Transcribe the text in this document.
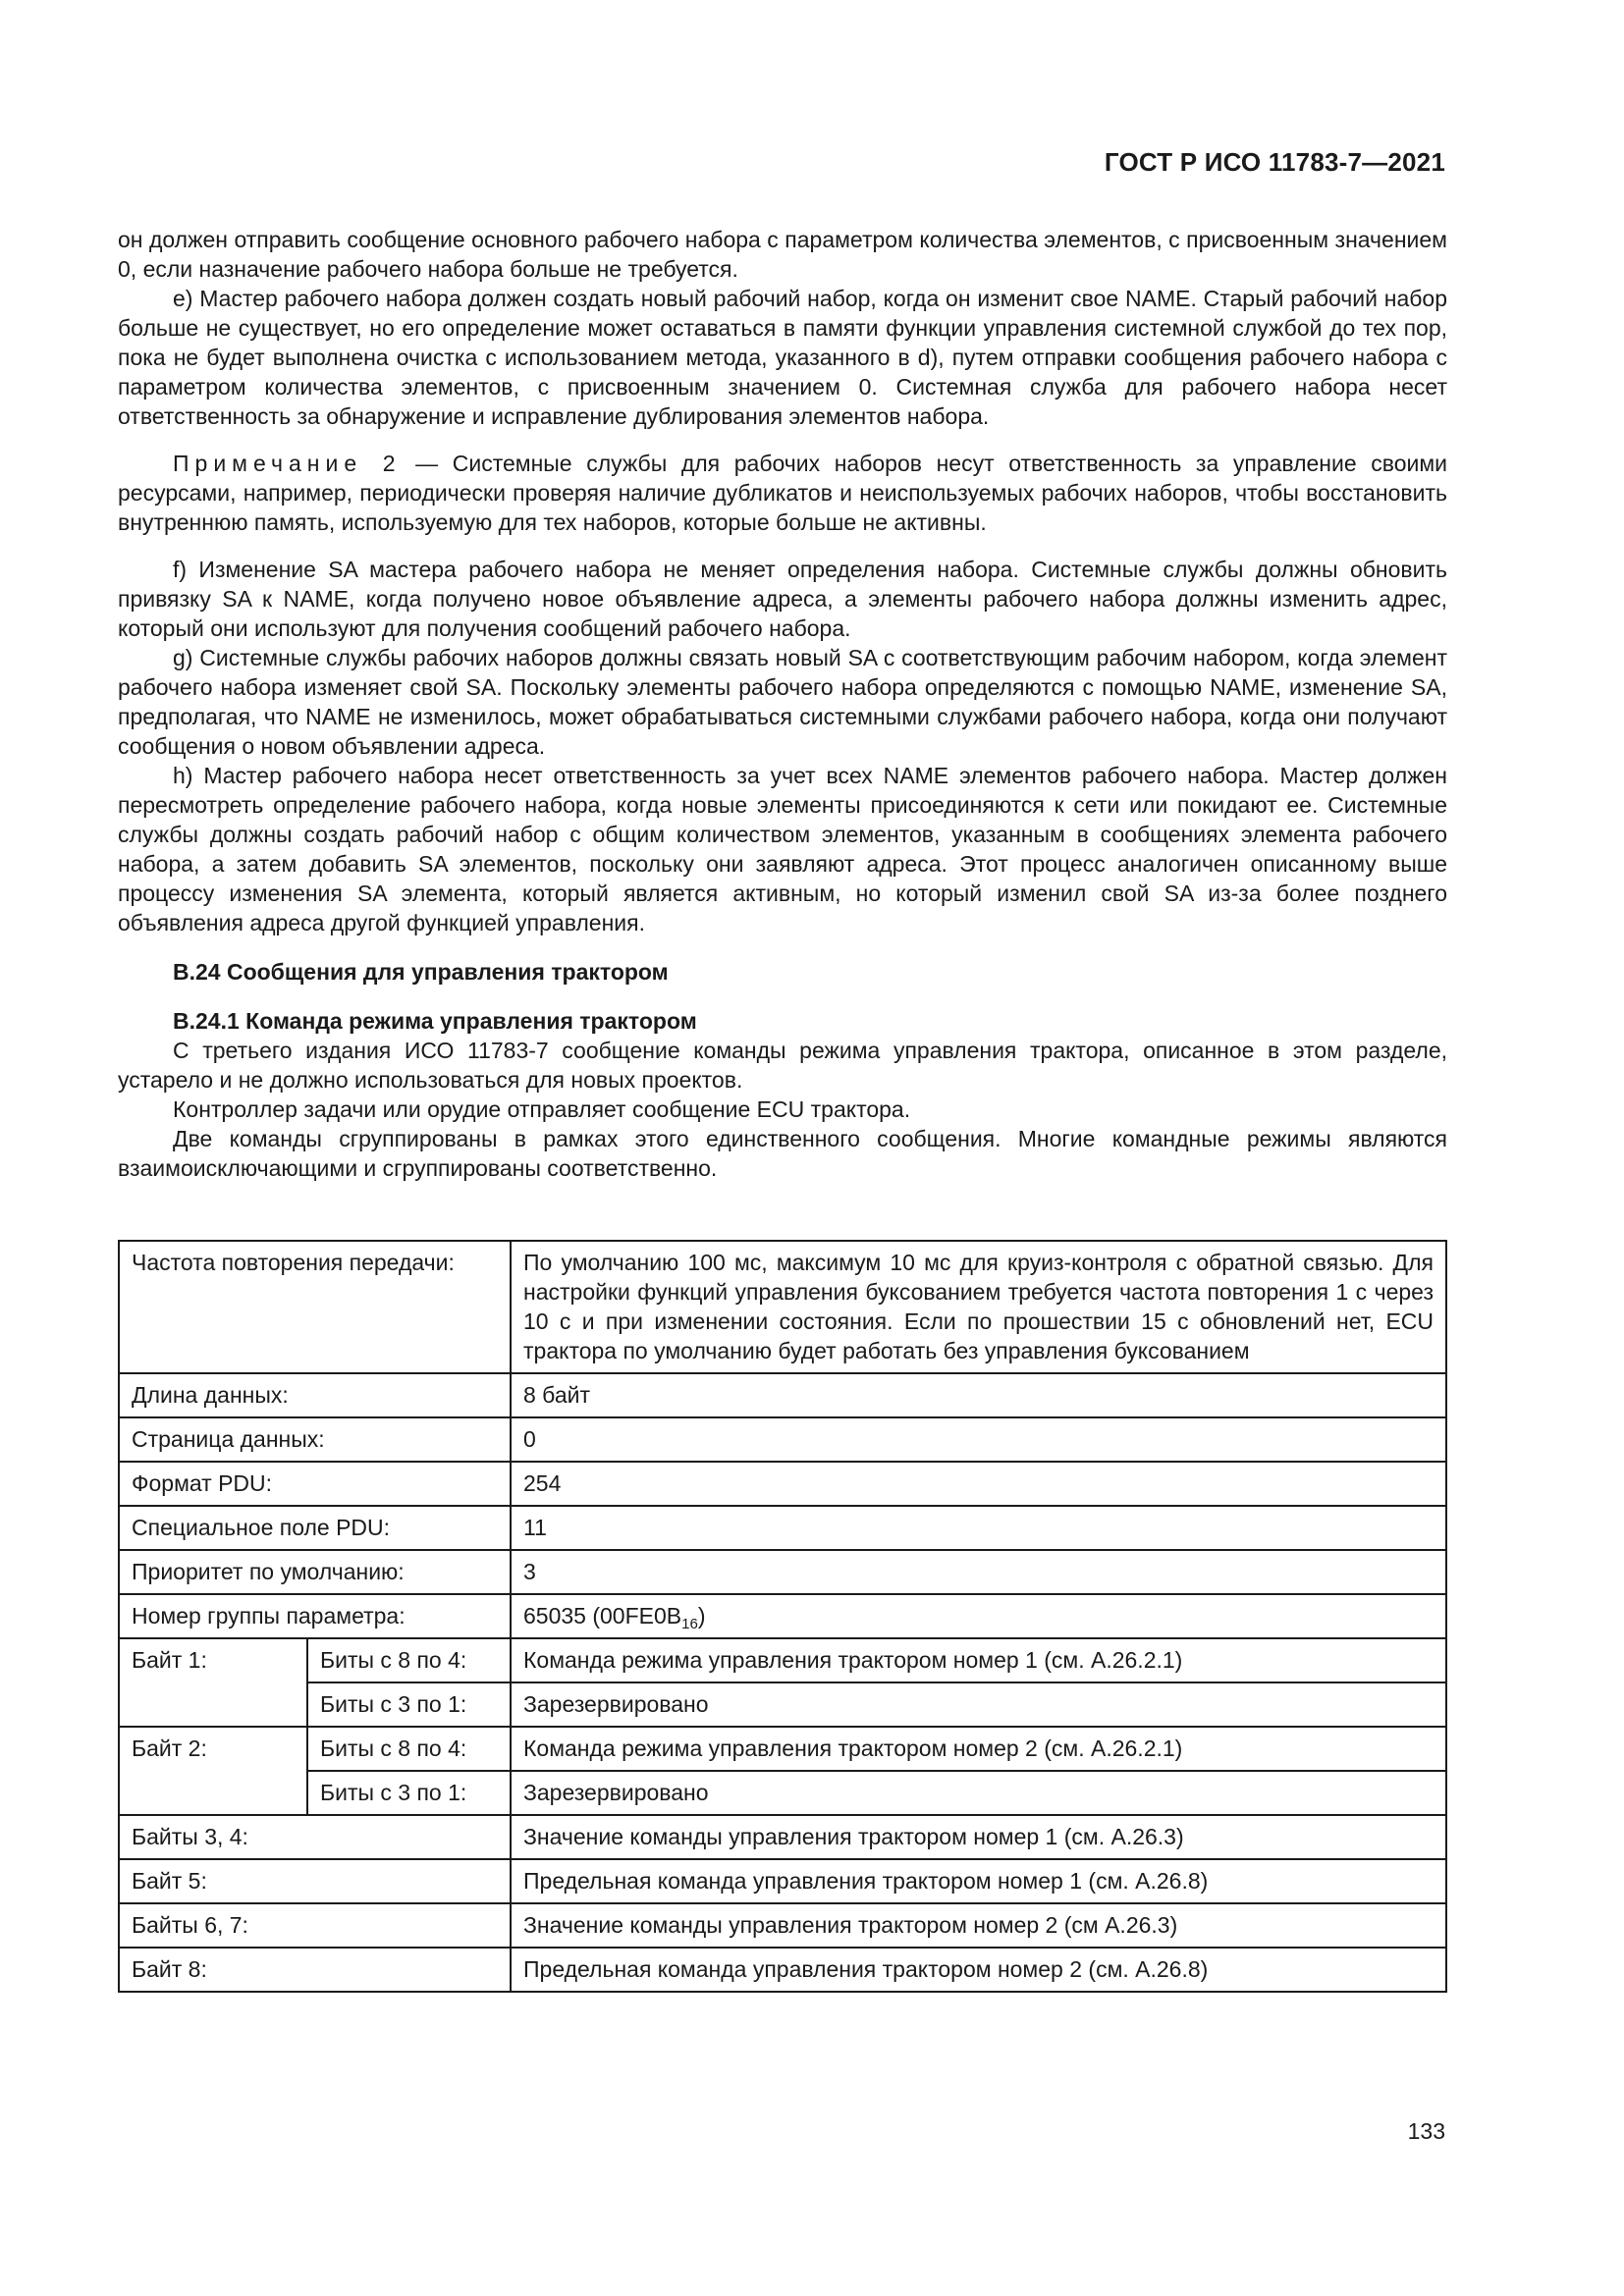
ГОСТ Р ИСО 11783-7—2021

он должен отправить сообщение основного рабочего набора с параметром количества элементов, с присвоенным значением 0, если назначение рабочего набора больше не требуется.

e) Мастер рабочего набора должен создать новый рабочий набор, когда он изменит свое NAME. Старый рабочий набор больше не существует, но его определение может оставаться в памяти функции управления системной службой до тех пор, пока не будет выполнена очистка с использованием метода, указанного в d), путем отправки сообщения рабочего набора с параметром количества элементов, с присвоенным значением 0. Системная служба для рабочего набора несет ответственность за обнаружение и исправление дублирования элементов набора.

Примечание 2 — Системные службы для рабочих наборов несут ответственность за управление своими ресурсами, например, периодически проверяя наличие дубликатов и неиспользуемых рабочих наборов, чтобы восстановить внутреннюю память, используемую для тех наборов, которые больше не активны.

f) Изменение SA мастера рабочего набора не меняет определения набора. Системные службы должны обновить привязку SA к NAME, когда получено новое объявление адреса, а элементы рабочего набора должны изменить адрес, который они используют для получения сообщений рабочего набора.

g) Системные службы рабочих наборов должны связать новый SA с соответствующим рабочим набором, когда элемент рабочего набора изменяет свой SA. Поскольку элементы рабочего набора определяются с помощью NAME, изменение SA, предполагая, что NAME не изменилось, может обрабатываться системными службами рабочего набора, когда они получают сообщения о новом объявлении адреса.

h) Мастер рабочего набора несет ответственность за учет всех NAME элементов рабочего набора. Мастер должен пересмотреть определение рабочего набора, когда новые элементы присоединяются к сети или покидают ее. Системные службы должны создать рабочий набор с общим количеством элементов, указанным в сообщениях элемента рабочего набора, а затем добавить SA элементов, поскольку они заявляют адреса. Этот процесс аналогичен описанному выше процессу изменения SA элемента, который является активным, но который изменил свой SA из-за более позднего объявления адреса другой функцией управления.

B.24 Сообщения для управления трактором

B.24.1 Команда режима управления трактором

С третьего издания ИСО 11783-7 сообщение команды режима управления трактора, описанное в этом разделе, устарело и не должно использоваться для новых проектов.

Контроллер задачи или орудие отправляет сообщение ECU трактора.

Две команды сгруппированы в рамках этого единственного сообщения. Многие командные режимы являются взаимоисключающими и сгруппированы соответственно.

Частота повторения передачи:		По умолчанию 100 мс, максимум 10 мс для круиз-контроля с обратной связью. Для настройки функций управления буксованием требуется частота повторения 1 с через 10 с и при изменении состояния. Если по прошествии 15 с обновлений нет, ECU трактора по умолчанию будет работать без управления буксованием
Длина данных:		8 байт
Страница данных:		0
Формат PDU:		254
Специальное поле PDU:		11
Приоритет по умолчанию:		3
Номер группы параметра:		65035 $(00FE0B_{16})$
Байт 1:	Биты с 8 по 4:	Команда режима управления трактором номер 1 (см. А.26.2.1)
	Биты с 3 по 1:	Зарезервировано
Байт 2:	Биты с 8 по 4:	Команда режима управления трактором номер 2 (см. А.26.2.1)
	Биты с 3 по 1:	Зарезервировано
Байты 3, 4:		Значение команды управления трактором номер 1 (см. А.26.3)
Байт 5:		Предельная команда управления трактором номер 1 (см. А.26.8)
Байты 6, 7:		Значение команды управления трактором номер 2 (см А.26.3)
Байт 8:		Предельная команда управления трактором номер 2 (см. А.26.8)
133
